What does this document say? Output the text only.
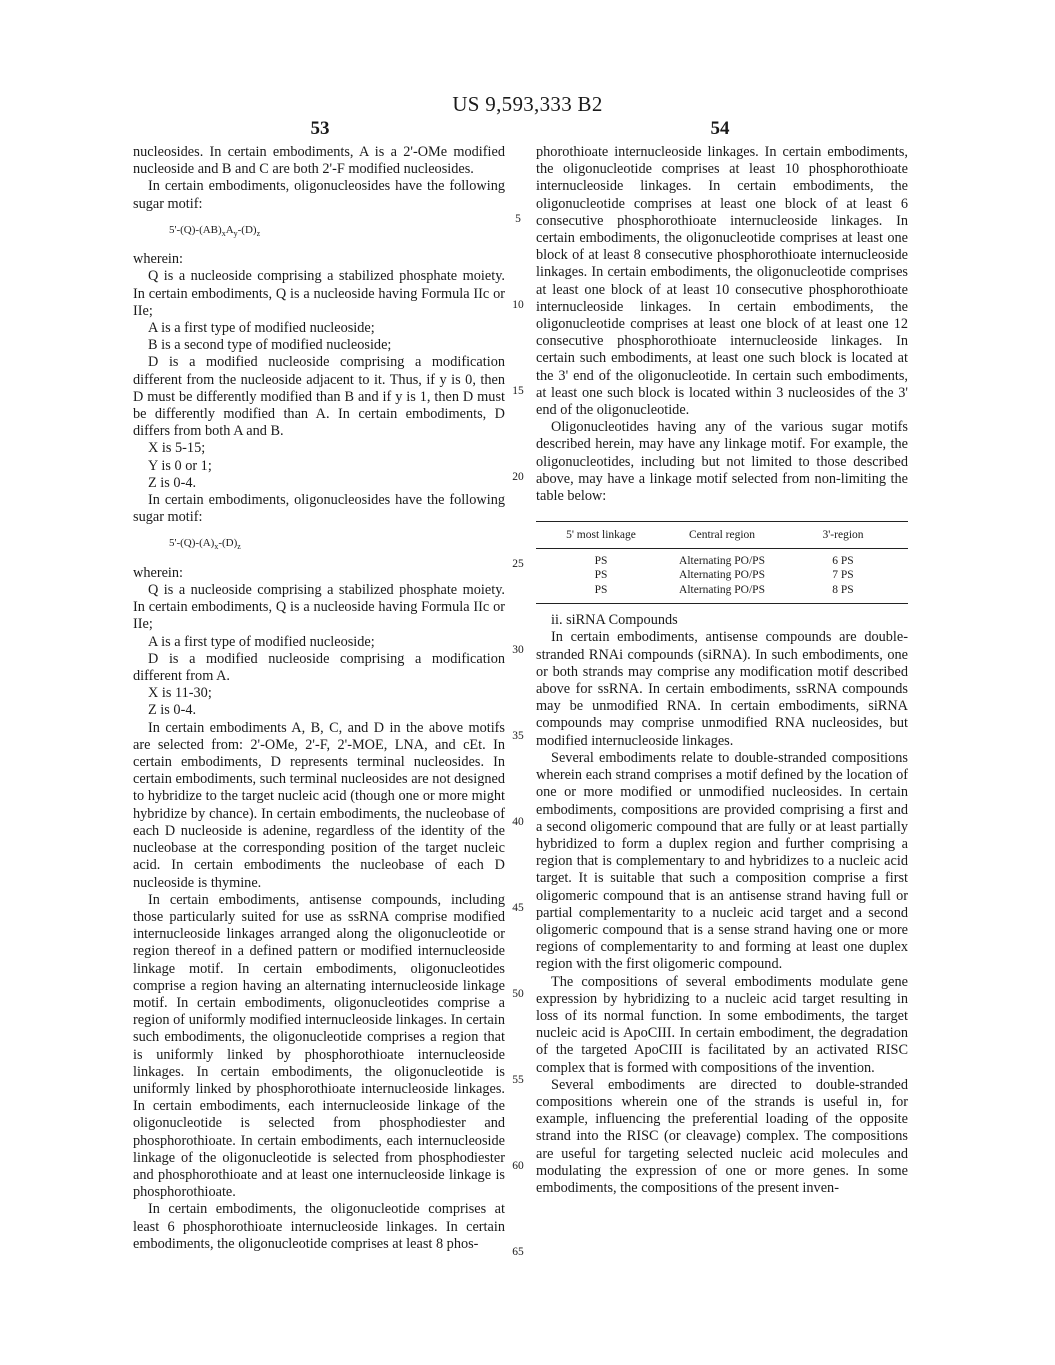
US 9,593,333 B2
53	54

nucleosides. In certain embodiments, A is a 2'-OMe modified nucleoside and B and C are both 2'-F modified nucleosides.

In certain embodiments, oligonucleosides have the following sugar motif:

$5'-(Q)-(AB)_xA_y-(D)_z$

wherein:

Q is a nucleoside comprising a stabilized phosphate moiety. In certain embodiments, Q is a nucleoside having Formula IIc or IIe;

A is a first type of modified nucleoside;

B is a second type of modified nucleoside;

D is a modified nucleoside comprising a modification different from the nucleoside adjacent to it. Thus, if y is 0, then D must be differently modified than B and if y is 1, then D must be differently modified than A. In certain embodiments, D differs from both A and B.

X is 5-15;

Y is 0 or 1;

Z is 0-4.

In certain embodiments, oligonucleosides have the following sugar motif:

$5'-(Q)-(A)_x-(D)_z$

wherein:

Q is a nucleoside comprising a stabilized phosphate moiety. In certain embodiments, Q is a nucleoside having Formula IIc or IIe;

A is a first type of modified nucleoside;

D is a modified nucleoside comprising a modification different from A.

X is 11-30;

Z is 0-4.

In certain embodiments A, B, C, and D in the above motifs are selected from: 2'-OMe, 2'-F, 2'-MOE, LNA, and cEt. In certain embodiments, D represents terminal nucleosides. In certain embodiments, such terminal nucleosides are not designed to hybridize to the target nucleic acid (though one or more might hybridize by chance). In certain embodiments, the nucleobase of each D nucleoside is adenine, regardless of the identity of the nucleobase at the corresponding position of the target nucleic acid. In certain embodiments the nucleobase of each D nucleoside is thymine.

In certain embodiments, antisense compounds, including those particularly suited for use as ssRNA comprise modified internucleoside linkages arranged along the oligonucleotide or region thereof in a defined pattern or modified internucleoside linkage motif. In certain embodiments, oligonucleotides comprise a region having an alternating internucleoside linkage motif. In certain embodiments, oligonucleotides comprise a region of uniformly modified internucleoside linkages. In certain such embodiments, the oligonucleotide comprises a region that is uniformly linked by phosphorothioate internucleoside linkages. In certain embodiments, the oligonucleotide is uniformly linked by phosphorothioate internucleoside linkages. In certain embodiments, each internucleoside linkage of the oligonucleotide is selected from phosphodiester and phosphorothioate. In certain embodiments, each internucleoside linkage of the oligonucleotide is selected from phosphodiester and phosphorothioate and at least one internucleoside linkage is phosphorothioate.

In certain embodiments, the oligonucleotide comprises at least 6 phosphorothioate internucleoside linkages. In certain embodiments, the oligonucleotide comprises at least 8 phos-

5
10
15
20
25
30
35
40
45
50
55
60
65

phorothioate internucleoside linkages. In certain embodiments, the oligonucleotide comprises at least 10 phosphorothioate internucleoside linkages. In certain embodiments, the oligonucleotide comprises at least one block of at least 6 consecutive phosphorothioate internucleoside linkages. In certain embodiments, the oligonucleotide comprises at least one block of at least 8 consecutive phosphorothioate internucleoside linkages. In certain embodiments, the oligonucleotide comprises at least one block of at least 10 consecutive phosphorothioate internucleoside linkages. In certain embodiments, the oligonucleotide comprises at least one block of at least one 12 consecutive phosphorothioate internucleoside linkages. In certain such embodiments, at least one such block is located at the 3' end of the oligonucleotide. In certain such embodiments, at least one such block is located within 3 nucleosides of the 3' end of the oligonucleotide.

Oligonucleotides having any of the various sugar motifs described herein, may have any linkage motif. For example, the oligonucleotides, including but not limited to those described above, may have a linkage motif selected from non-limiting the table below:

5' most linkage	Central region	3'-region
PS	Alternating PO/PS	6 PS
PS	Alternating PO/PS	7 PS
PS	Alternating PO/PS	8 PS

ii. siRNA Compounds

In certain embodiments, antisense compounds are double-stranded RNAi compounds (siRNA). In such embodiments, one or both strands may comprise any modification motif described above for ssRNA. In certain embodiments, ssRNA compounds may be unmodified RNA. In certain embodiments, siRNA compounds may comprise unmodified RNA nucleosides, but modified internucleoside linkages.

Several embodiments relate to double-stranded compositions wherein each strand comprises a motif defined by the location of one or more modified or unmodified nucleosides. In certain embodiments, compositions are provided comprising a first and a second oligomeric compound that are fully or at least partially hybridized to form a duplex region and further comprising a region that is complementary to and hybridizes to a nucleic acid target. It is suitable that such a composition comprise a first oligomeric compound that is an antisense strand having full or partial complementarity to a nucleic acid target and a second oligomeric compound that is a sense strand having one or more regions of complementarity to and forming at least one duplex region with the first oligomeric compound.

The compositions of several embodiments modulate gene expression by hybridizing to a nucleic acid target resulting in loss of its normal function. In some embodiments, the target nucleic acid is ApoCIII. In certain embodiment, the degradation of the targeted ApoCIII is facilitated by an activated RISC complex that is formed with compositions of the invention.

Several embodiments are directed to double-stranded compositions wherein one of the strands is useful in, for example, influencing the preferential loading of the opposite strand into the RISC (or cleavage) complex. The compositions are useful for targeting selected nucleic acid molecules and modulating the expression of one or more genes. In some embodiments, the compositions of the present inven-
